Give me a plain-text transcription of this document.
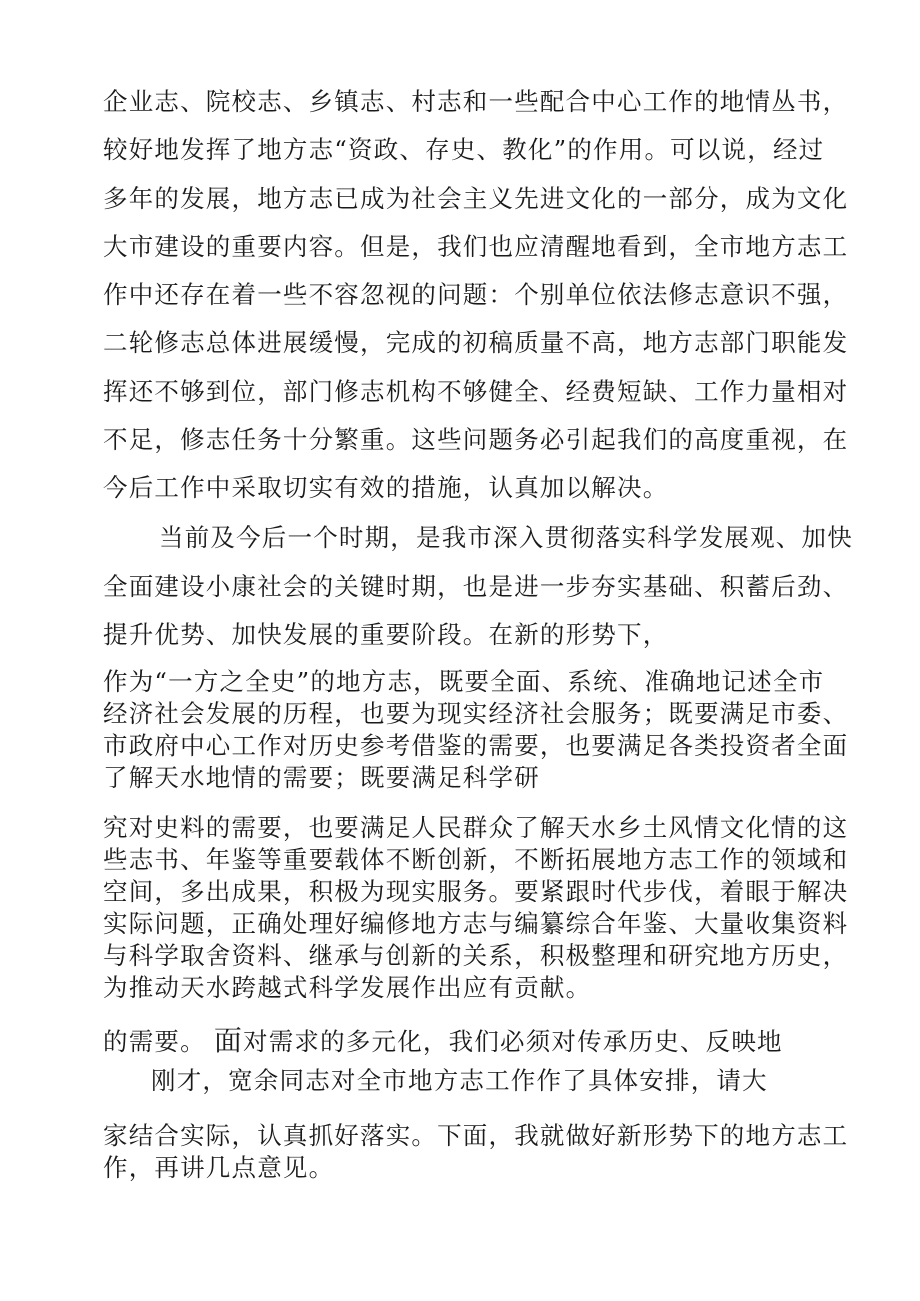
企业志、院校志、乡镇志、村志和一些配合中心工作的地情丛书，
较好地发挥了地方志“资政、存史、教化”的作用。可以说，经过
多年的发展，地方志已成为社会主义先进文化的一部分，成为文化
大市建设的重要内容。但是，我们也应清醒地看到，全市地方志工
作中还存在着一些不容忽视的问题：个别单位依法修志意识不强，
二轮修志总体进展缓慢，完成的初稿质量不高，地方志部门职能发
挥还不够到位，部门修志机构不够健全、经费短缺、工作力量相对
不足，修志任务十分繁重。这些问题务必引起我们的高度重视，在
今后工作中采取切实有效的措施，认真加以解决。
当前及今后一个时期，是我市深入贯彻落实科学发展观、加快
全面建设小康社会的关键时期，也是进一步夯实基础、积蓄后劲、
提升优势、加快发展的重要阶段。在新的形势下，
作为“一方之全史”的地方志，既要全面、系统、准确地记述全市
经济社会发展的历程，也要为现实经济社会服务；既要满足市委、
市政府中心工作对历史参考借鉴的需要，也要满足各类投资者全面
了解天水地情的需要；既要满足科学研
究对史料的需要，也要满足人民群众了解天水乡土风情文化情的这
些志书、年鉴等重要载体不断创新，不断拓展地方志工作的领域和
空间，多出成果，积极为现实服务。要紧跟时代步伐，着眼于解决
实际问题，正确处理好编修地方志与编纂综合年鉴、大量收集资料
与科学取舍资料、继承与创新的关系，积极整理和研究地方历史，
为推动天水跨越式科学发展作出应有贡献。
的需要。 面对需求的多元化，我们必须对传承历史、反映地
刚才，宽余同志对全市地方志工作作了具体安排，请大
家结合实际，认真抓好落实。下面，我就做好新形势下的地方志工
作，再讲几点意见。
